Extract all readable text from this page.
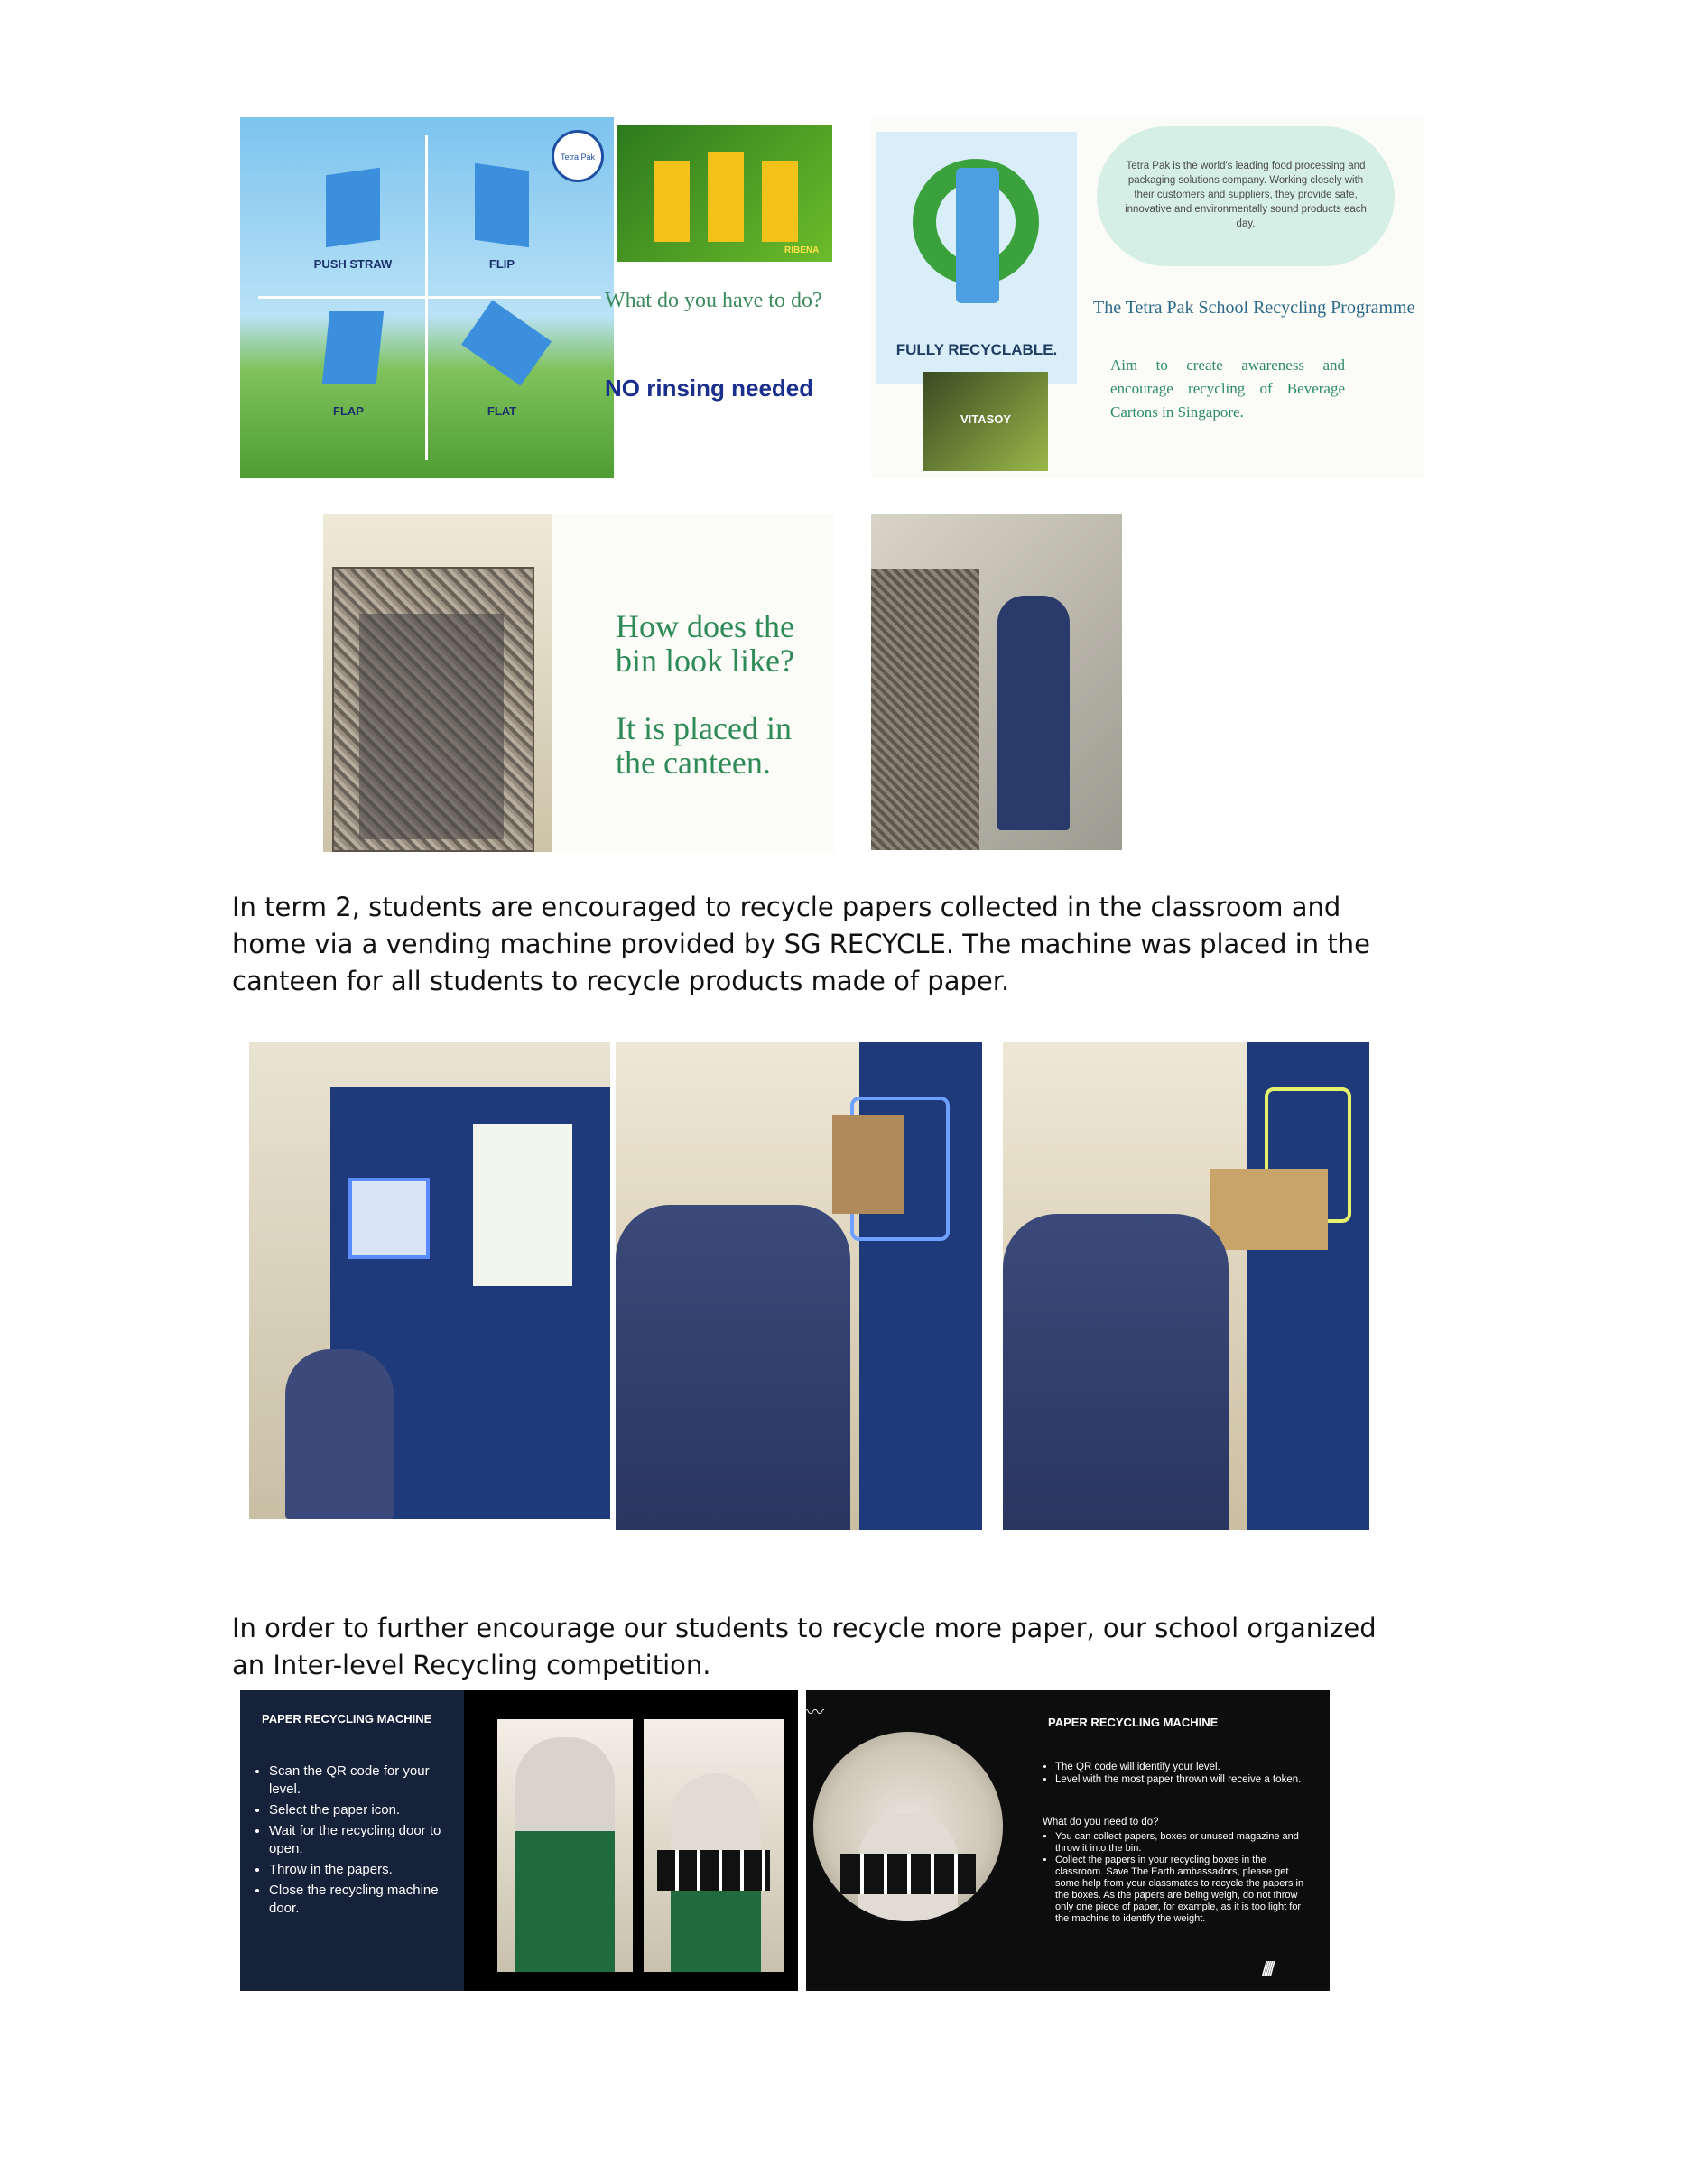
Tetra Pak
PUSH STRAW	FLIP
FLAP	FLAT
RIBENA
What do you have to do?
NO rinsing needed
FULLY RECYCLABLE.
VITASOY
Tetra Pak is the world's leading food processing and packaging solutions company. Working closely with their customers and suppliers, they provide safe, innovative and environmentally sound products each day.
The Tetra Pak School Recycling Programme
Aim to create awareness and encourage recycling of Beverage Cartons in Singapore.
How does the bin look like?
It is placed in the canteen.
In term 2, students are encouraged to recycle papers collected in the classroom and home via a vending machine provided by SG RECYCLE. The machine was placed in the canteen for all students to recycle products made of paper.
In order to further encourage our students to recycle more paper, our school organized an Inter-level Recycling competition.
PAPER RECYCLING MACHINE
• Scan the QR code for your level.
• Select the paper icon.
• Wait for the recycling door to open.
• Throw in the papers.
• Close the recycling machine door.
〰	PAPER RECYCLING MACHINE
• The QR code will identify your level.
• Level with the most paper thrown will receive a token.
What do you need to do?
• You can collect papers, boxes or unused magazine and throw it into the bin.
• Collect the papers in your recycling boxes in the classroom. Save The Earth ambassadors, please get some help from your classmates to recycle the papers in the boxes. As the papers are being weigh, do not throw only one piece of paper, for example, as it is too light for the machine to identify the weight.
/////
